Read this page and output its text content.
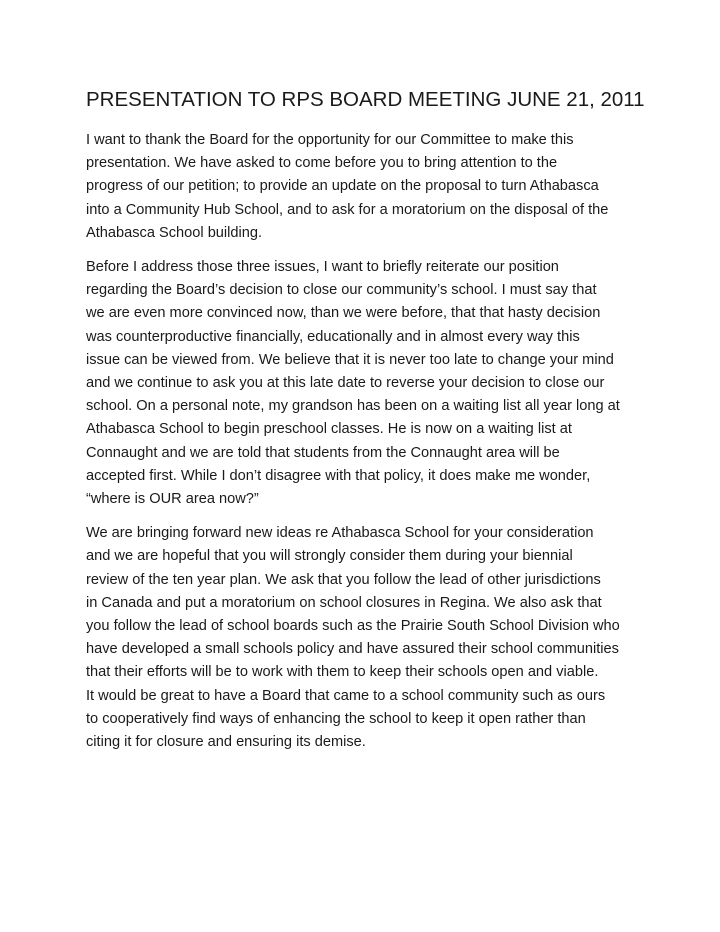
PRESENTATION TO RPS BOARD MEETING JUNE 21, 2011

I want to thank the Board for the opportunity for our Committee to make this
presentation. We have asked to come before you to bring attention to the
progress of our petition; to provide an update on the proposal to turn Athabasca
into a Community Hub School, and to ask for a moratorium on the disposal of the
Athabasca School building.

Before I address those three issues, I want to briefly reiterate our position
regarding the Board’s decision to close our community’s school. I must say that
we are even more convinced now, than we were before, that that hasty decision
was counterproductive financially, educationally and in almost every way this
issue can be viewed from. We believe that it is never too late to change your mind
and we continue to ask you at this late date to reverse your decision to close our
school. On a personal note, my grandson has been on a waiting list all year long at
Athabasca School to begin preschool classes. He is now on a waiting list at
Connaught and we are told that students from the Connaught area will be
accepted first. While I don’t disagree with that policy, it does make me wonder,
“where is OUR area now?”

We are bringing forward new ideas re Athabasca School for your consideration
and we are hopeful that you will strongly consider them during your biennial
review of the ten year plan. We ask that you follow the lead of other jurisdictions
in Canada and put a moratorium on school closures in Regina. We also ask that
you follow the lead of school boards such as the Prairie South School Division who
have developed a small schools policy and have assured their school communities
that their efforts will be to work with them to keep their schools open and viable.
It would be great to have a Board that came to a school community such as ours
to cooperatively find ways of enhancing the school to keep it open rather than
citing it for closure and ensuring its demise.
